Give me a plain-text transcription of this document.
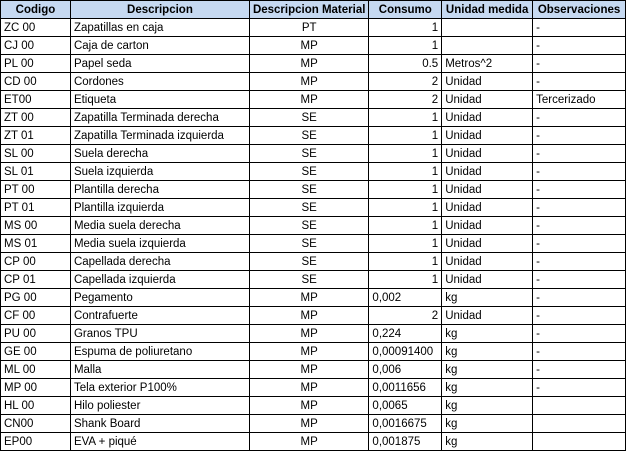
Codigo	Descripcion	Descripcion Material	Consumo	Unidad medida	Observaciones
ZC 00	Zapatillas en caja	PT	1		-
CJ 00	Caja de carton	MP	1		-
PL 00	Papel seda	MP	0.5	Metros^2	-
CD 00	Cordones	MP	2	Unidad	-
ET00	Etiqueta	MP	2	Unidad	Tercerizado
ZT 00	Zapatilla Terminada derecha	SE	1	Unidad	-
ZT 01	Zapatilla Terminada izquierda	SE	1	Unidad	-
SL 00	Suela derecha	SE	1	Unidad	-
SL 01	Suela izquierda	SE	1	Unidad	-
PT 00	Plantilla derecha	SE	1	Unidad	-
PT 01	Plantilla izquierda	SE	1	Unidad	-
MS 00	Media suela derecha	SE	1	Unidad	-
MS 01	Media suela izquierda	SE	1	Unidad	-
CP 00	Capellada derecha	SE	1	Unidad	-
CP 01	Capellada izquierda	SE	1	Unidad	-
PG 00	Pegamento	MP	0,002	kg	-
CF 00	Contrafuerte	MP	2	Unidad	-
PU 00	Granos TPU	MP	0,224	kg	-
GE 00	Espuma de poliuretano	MP	0,00091400	kg	-
ML 00	Malla	MP	0,006	kg	-
MP 00	Tela exterior P100%	MP	0,0011656	kg	-
HL 00	Hilo poliester	MP	0,0065	kg	
CN00	Shank Board	MP	0,0016675	kg	
EP00	EVA + piqué	MP	0,001875	kg	
